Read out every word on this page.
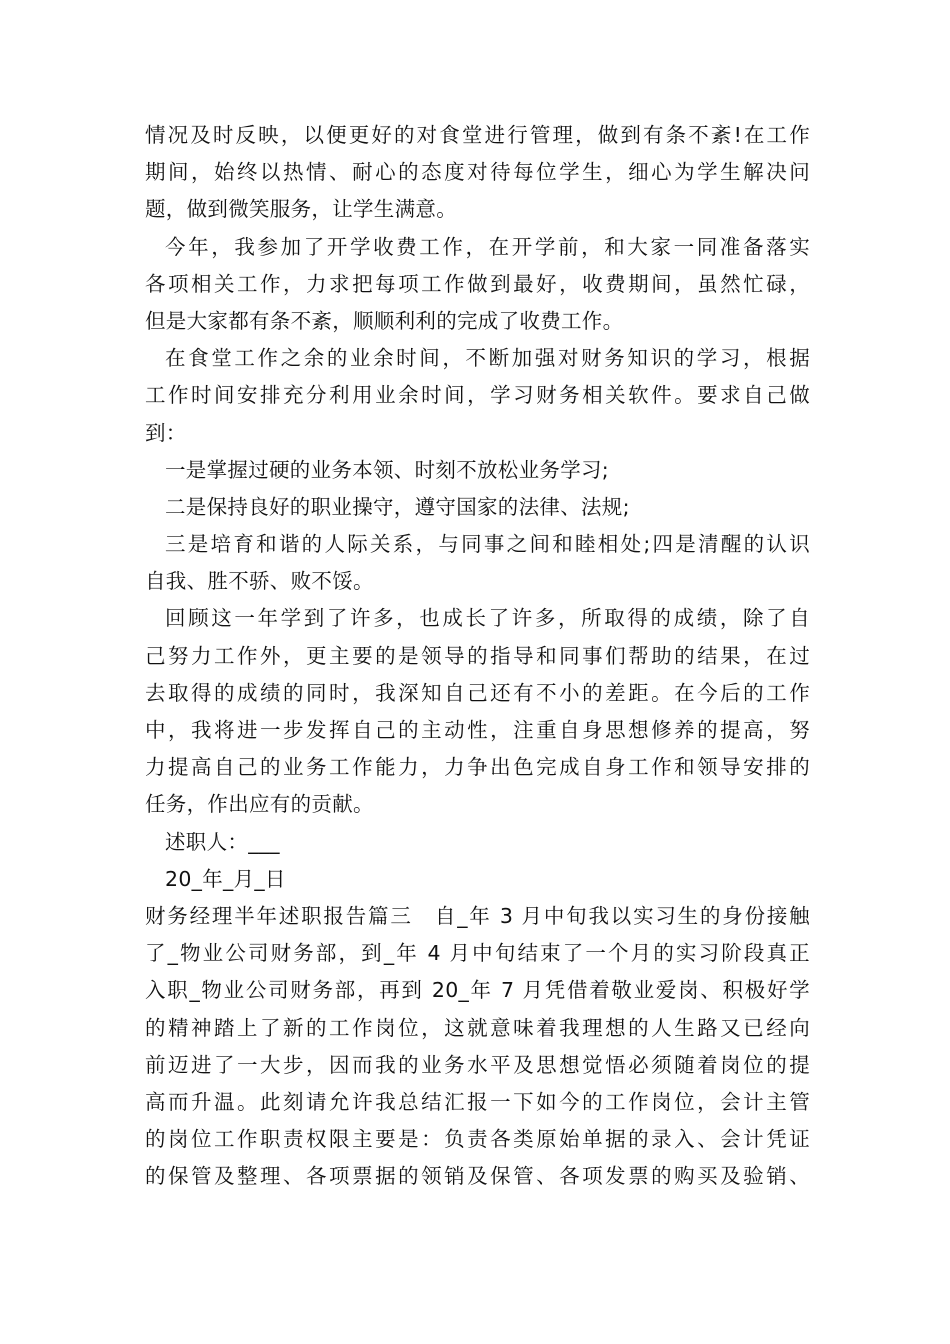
情况及时反映，以便更好的对食堂进行管理，做到有条不紊!在工作
期间，始终以热情、耐心的态度对待每位学生，细心为学生解决问
题，做到微笑服务，让学生满意。
今年，我参加了开学收费工作，在开学前，和大家一同准备落实
各项相关工作，力求把每项工作做到最好，收费期间，虽然忙碌，
但是大家都有条不紊，顺顺利利的完成了收费工作。
在食堂工作之余的业余时间，不断加强对财务知识的学习，根据
工作时间安排充分利用业余时间，学习财务相关软件。要求自己做
到：
一是掌握过硬的业务本领、时刻不放松业务学习;
二是保持良好的职业操守，遵守国家的法律、法规;
三是培育和谐的人际关系，与同事之间和睦相处;四是清醒的认识
自我、胜不骄、败不馁。
回顾这一年学到了许多，也成长了许多，所取得的成绩，除了自
己努力工作外，更主要的是领导的指导和同事们帮助的结果，在过
去取得的成绩的同时，我深知自己还有不小的差距。在今后的工作
中，我将进一步发挥自己的主动性，注重自身思想修养的提高，努
力提高自己的业务工作能力，力争出色完成自身工作和领导安排的
任务，作出应有的贡献。
述职人：___
20_年_月_日
财务经理半年述职报告篇三　自_年 3 月中旬我以实习生的身份接触
了_物业公司财务部，到_年 4 月中旬结束了一个月的实习阶段真正
入职_物业公司财务部，再到 20_年 7 月凭借着敬业爱岗、积极好学
的精神踏上了新的工作岗位，这就意味着我理想的人生路又已经向
前迈进了一大步，因而我的业务水平及思想觉悟必须随着岗位的提
高而升温。此刻请允许我总结汇报一下如今的工作岗位，会计主管
的岗位工作职责权限主要是：负责各类原始单据的录入、会计凭证
的保管及整理、各项票据的领销及保管、各项发票的购买及验销、
